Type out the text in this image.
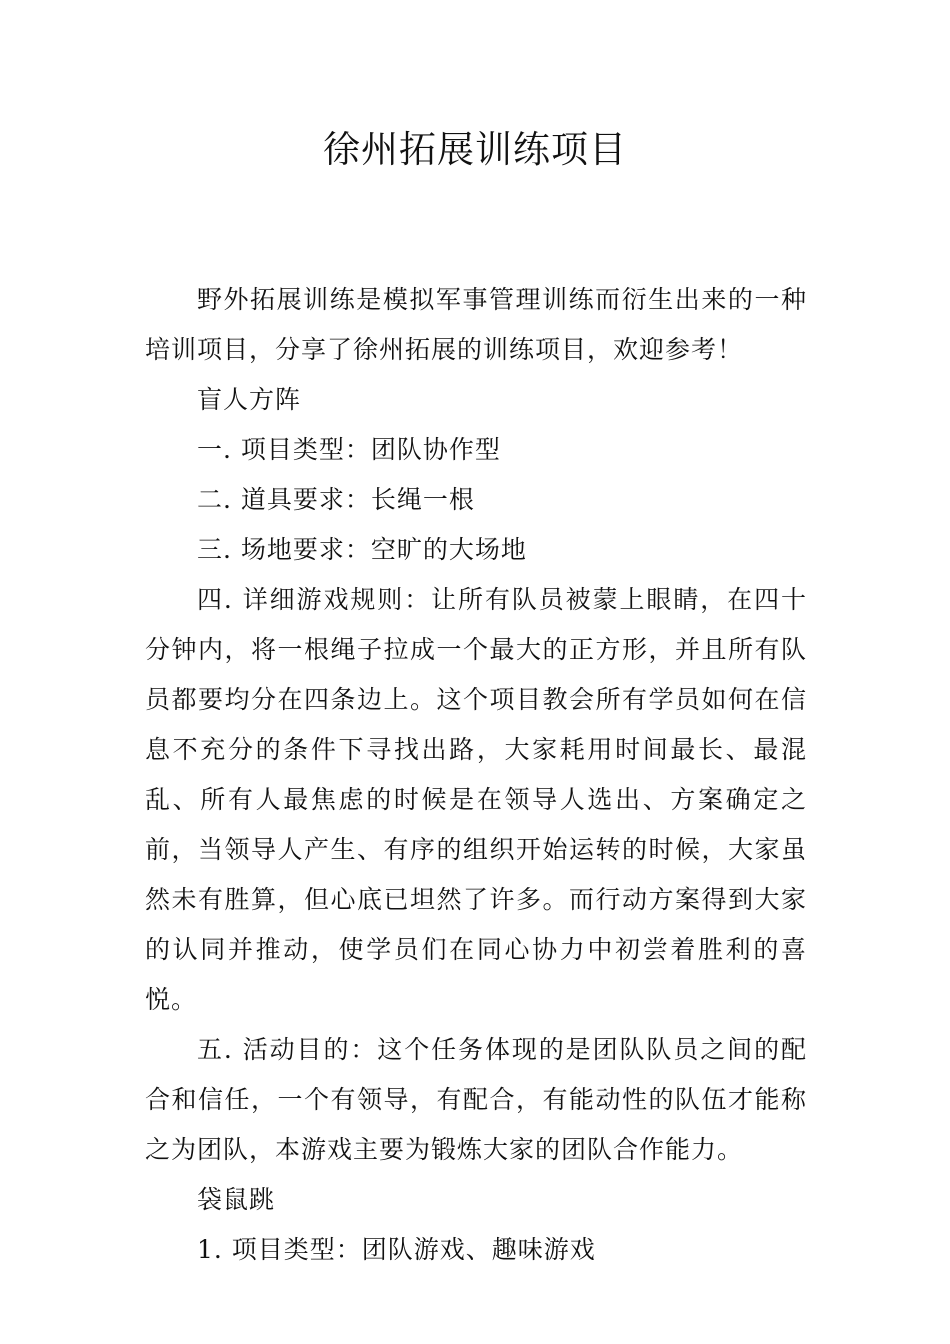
徐州拓展训练项目

野外拓展训练是模拟军事管理训练而衍生出来的一种培训项目，分享了徐州拓展的训练项目，欢迎参考！

盲人方阵

一. 项目类型：团队协作型

二. 道具要求：长绳一根

三. 场地要求：空旷的大场地

四. 详细游戏规则：让所有队员被蒙上眼睛，在四十分钟内，将一根绳子拉成一个最大的正方形，并且所有队员都要均分在四条边上。这个项目教会所有学员如何在信息不充分的条件下寻找出路，大家耗用时间最长、最混乱、所有人最焦虑的时候是在领导人选出、方案确定之前，当领导人产生、有序的组织开始运转的时候，大家虽然未有胜算，但心底已坦然了许多。而行动方案得到大家的认同并推动，使学员们在同心协力中初尝着胜利的喜悦。

五. 活动目的：这个任务体现的是团队队员之间的配合和信任，一个有领导，有配合，有能动性的队伍才能称之为团队，本游戏主要为锻炼大家的团队合作能力。

袋鼠跳

1. 项目类型：团队游戏、趣味游戏
